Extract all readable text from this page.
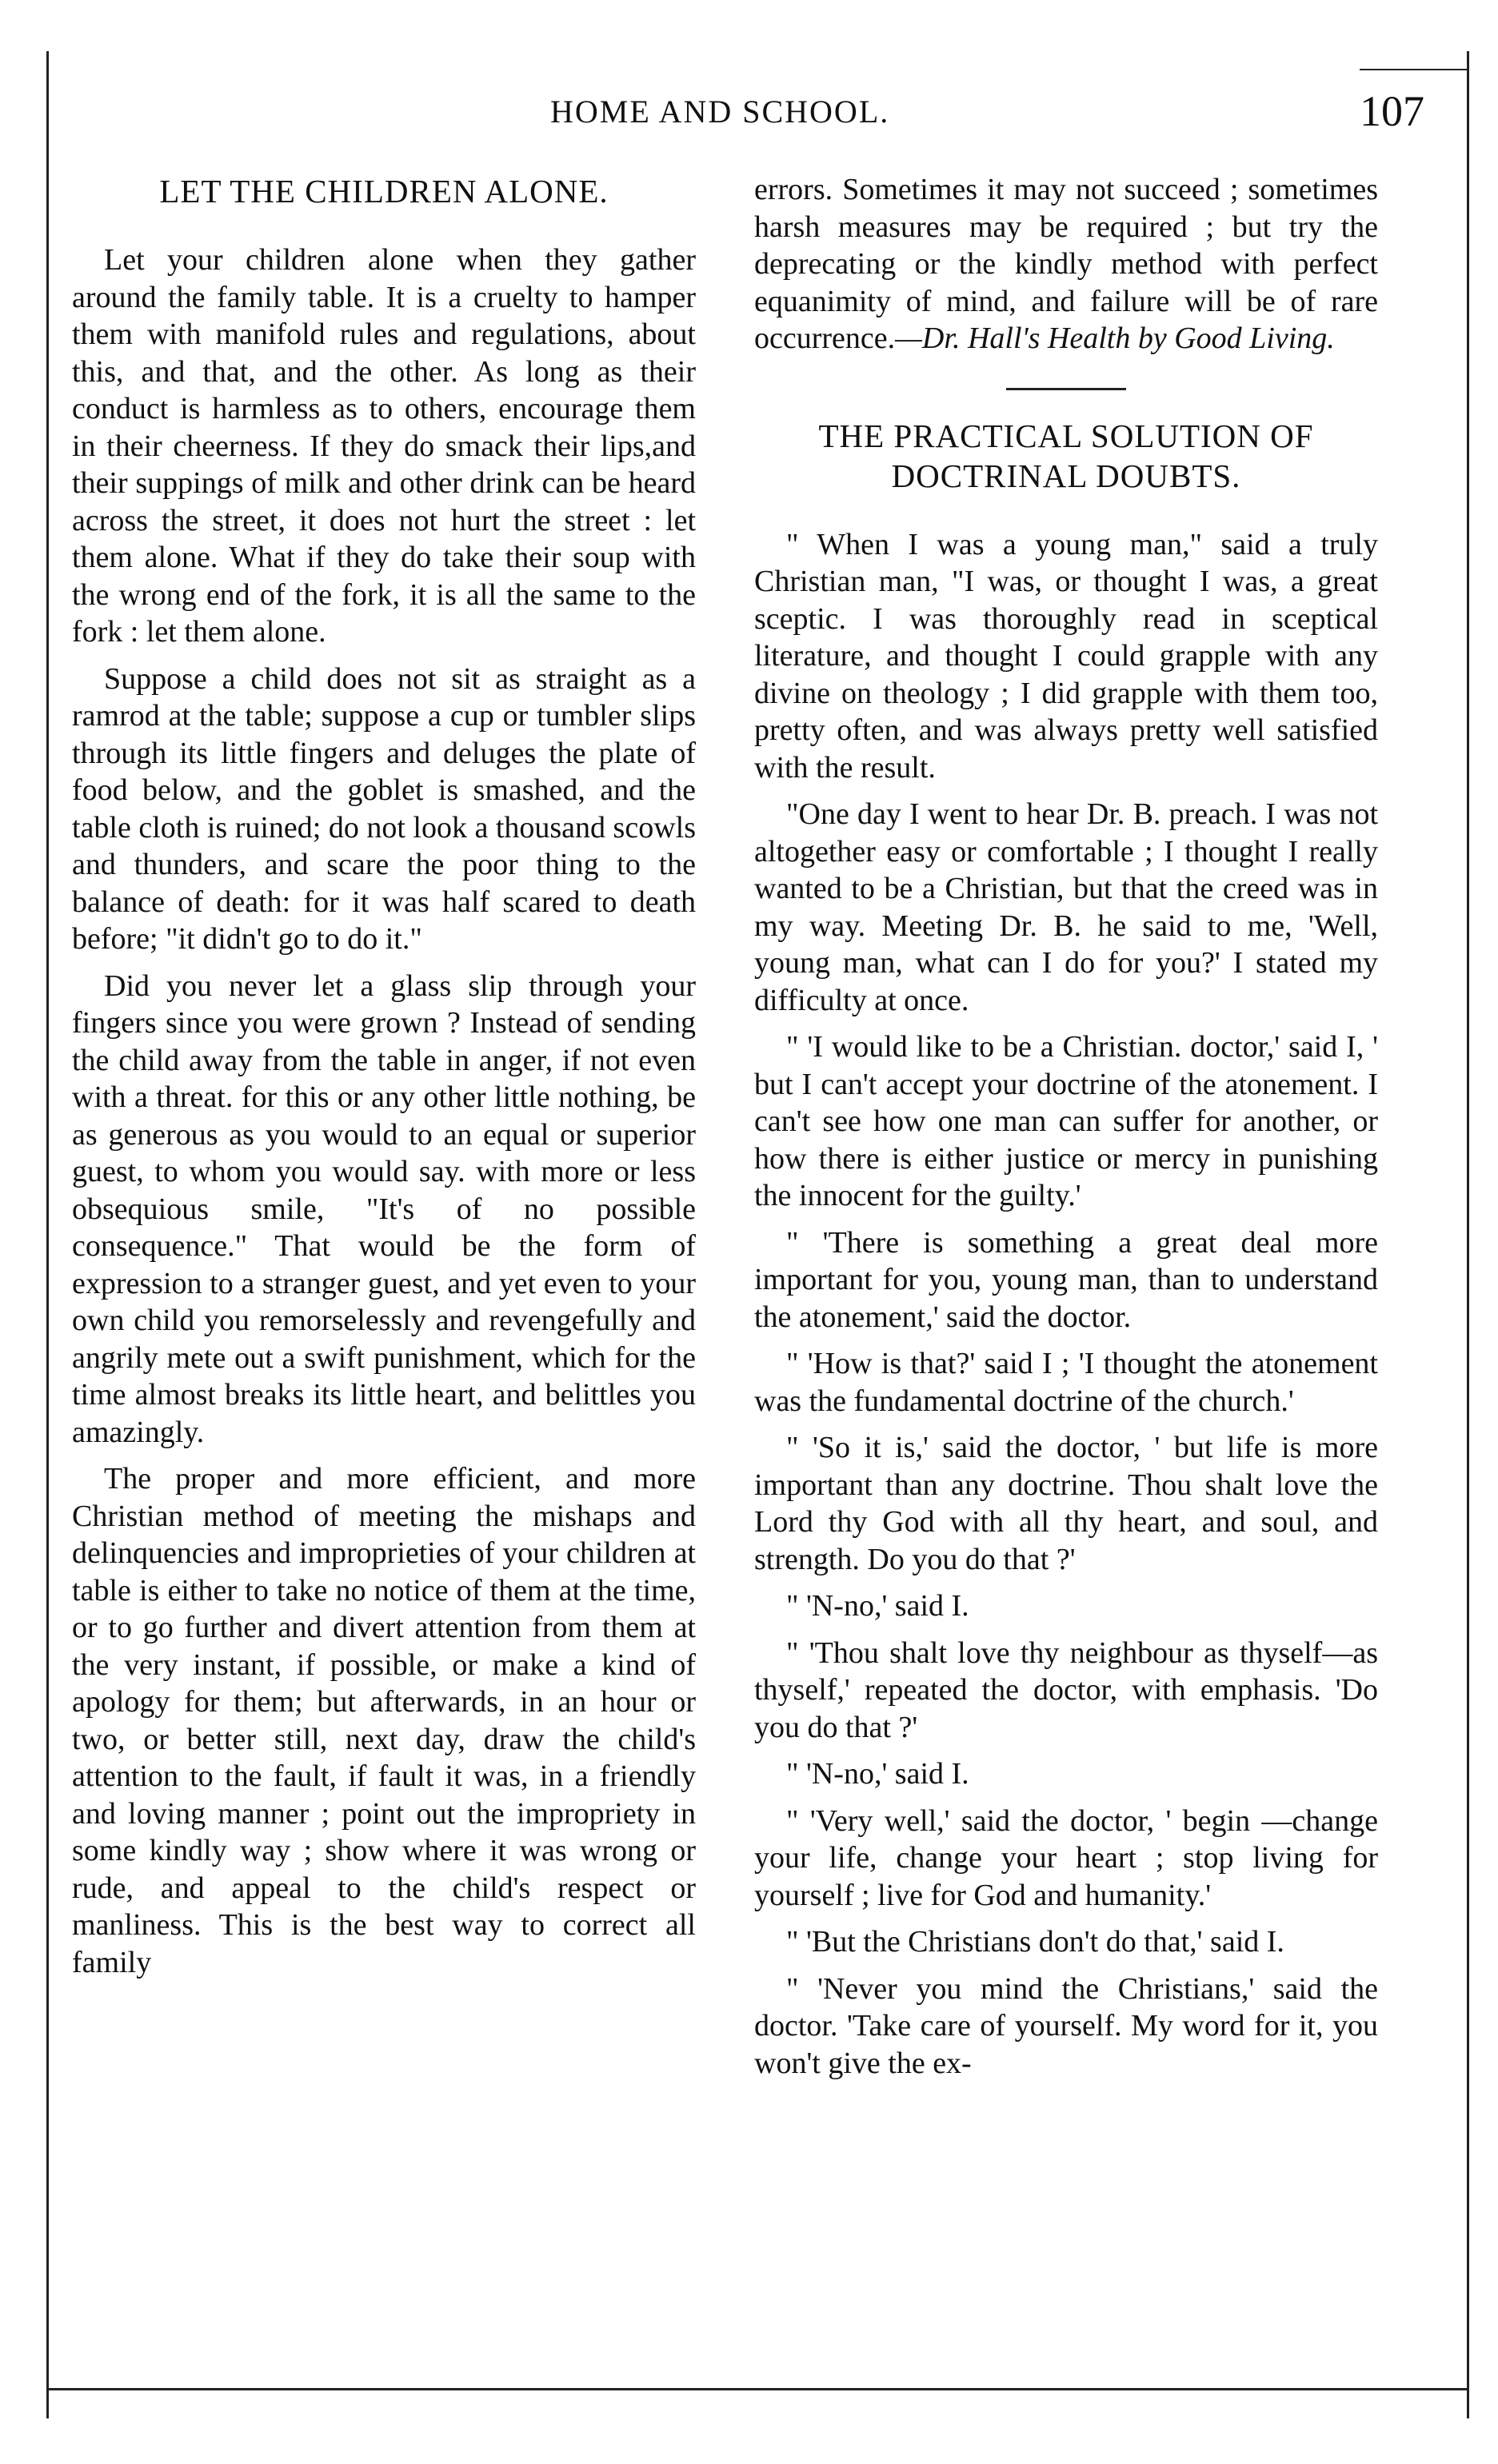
HOME AND SCHOOL.	107
LET THE CHILDREN ALONE.

Let your children alone when they gather around the family table. It is a cruelty to hamper them with manifold rules and regulations, about this, and that, and the other. As long as their conduct is harmless as to others, encourage them in their cheerness. If they do smack their lips,and their suppings of milk and other drink can be heard across the street, it does not hurt the street : let them alone. What if they do take their soup with the wrong end of the fork, it is all the same to the fork : let them alone.

Suppose a child does not sit as straight as a ramrod at the table; suppose a cup or tumbler slips through its little fingers and deluges the plate of food below, and the goblet is smashed, and the table cloth is ruined; do not look a thousand scowls and thunders, and scare the poor thing to the balance of death: for it was half scared to death before; "it didn't go to do it."

Did you never let a glass slip through your fingers since you were grown ? Instead of sending the child away from the table in anger, if not even with a threat. for this or any other little nothing, be as generous as you would to an equal or superior guest, to whom you would say. with more or less obsequious smile, "It's of no possible consequence." That would be the form of expression to a stranger guest, and yet even to your own child you remorselessly and revengefully and angrily mete out a swift punishment, which for the time almost breaks its little heart, and belittles you amazingly.

The proper and more efficient, and more Christian method of meeting the mishaps and delinquencies and improprieties of your children at table is either to take no notice of them at the time, or to go further and divert attention from them at the very instant, if possible, or make a kind of apology for them; but afterwards, in an hour or two, or better still, next day, draw the child's attention to the fault, if fault it was, in a friendly and loving manner ; point out the impropriety in some kindly way ; show where it was wrong or rude, and appeal to the child's respect or manliness. This is the best way to correct all family

errors. Sometimes it may not succeed ; sometimes harsh measures may be required ; but try the deprecating or the kindly method with perfect equanimity of mind, and failure will be of rare occurrence.—Dr. Hall's Health by Good Living.

THE PRACTICAL SOLUTION OF DOCTRINAL DOUBTS.

" When I was a young man," said a truly Christian man, "I was, or thought I was, a great sceptic. I was thoroughly read in sceptical literature, and thought I could grapple with any divine on theology ; I did grapple with them too, pretty often, and was always pretty well satisfied with the result.

"One day I went to hear Dr. B. preach. I was not altogether easy or comfortable ; I thought I really wanted to be a Christian, but that the creed was in my way. Meeting Dr. B. he said to me, 'Well, young man, what can I do for you?' I stated my difficulty at once.

" 'I would like to be a Christian. doctor,' said I, ' but I can't accept your doctrine of the atonement. I can't see how one man can suffer for another, or how there is either justice or mercy in punishing the innocent for the guilty.'

" 'There is something a great deal more important for you, young man, than to understand the atonement,' said the doctor.

" 'How is that?' said I ; 'I thought the atonement was the fundamental doctrine of the church.'

" 'So it is,' said the doctor, ' but life is more important than any doctrine. Thou shalt love the Lord thy God with all thy heart, and soul, and strength. Do you do that ?'

" 'N-no,' said I.

" 'Thou shalt love thy neighbour as thyself—as thyself,' repeated the doctor, with emphasis. 'Do you do that ?'

" 'N-no,' said I.

" 'Very well,' said the doctor, ' begin —change your life, change your heart ; stop living for yourself ; live for God and humanity.'

" 'But the Christians don't do that,' said I.

" 'Never you mind the Christians,' said the doctor. 'Take care of yourself. My word for it, you won't give the ex-
